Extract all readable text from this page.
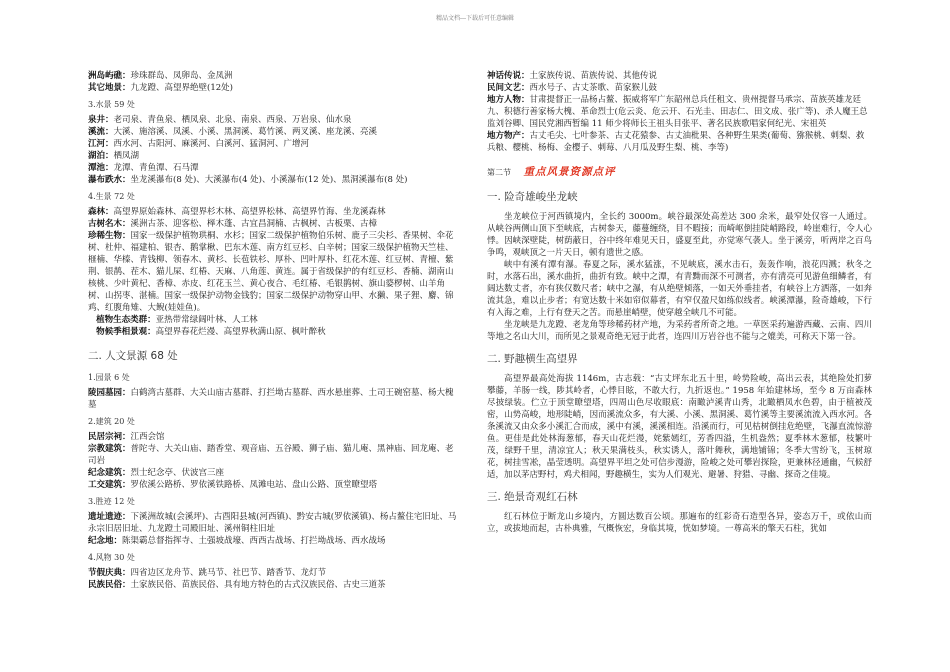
精品文档---下载后可任意编辑

洲岛屿礁：珍珠群岛、凤卵岛、金凤洲

其它地景：九龙蹬、高望界绝壁(12处)

3.水景 59 处

泉井：老司泉、青鱼泉、栖凤泉、北泉、南泉、西泉、万岩泉、仙水泉

溪流：大溪、施溶溪、凤溪、小溪、黑洞溪、葛竹溪、两叉溪、座龙溪、亮溪

江河：西水河、古阳河、麻溪河、白溪河、猛洞河、广增河

湖泊：栖凤湖

潭池：龙潭、青鱼潭、石马潭

瀑布跌水：坐龙溪瀑布(8 处)、大溪瀑布(4 处)、小溪瀑布(12 处)、黑洞溪瀑布(8 处)

4.生景 72 处

森林：高望界原始森林、高望界杉木林、高望界松林、高望界竹海、坐龙溪森林

古树名木：溪洲古茶、迎客松、榉木蓬、古宜昌洞楠、古枫树、古板栗、古樟

珍稀生物：国家一级保护植物珙桐、水杉；国家二级保护植物伯乐树、鹿子三尖杉、香果树、伞花树、杜仲、福建柏、银杏、鹅掌楸、巴东木莲、南方红豆杉、白辛树；国家三级保护植物天竺桂、榧楠、华榛、青钱柳、领春木、黄杉、长苞铁杉、厚朴、凹叶厚朴、红花木莲、红豆树、青檀、紫荆、银鹊、茬木、猫儿屎、红椿、天麻、八角莲、黄连。属于省级保护的有红豆杉、香楠、湖南山核桃、少叶黄杞、香樟、赤皮、红花玉兰、黄心夜合、毛红椿、毛银鹊树、旗山婆椤树、山羊角树、山拐枣、湛楠。国家一级保护动物金钱豹；国家二级保护动物穿山甲、水獭、果子狸、麝、锦鸡、红腹角雉、大鲵(娃娃鱼)。

植物生态类群：亚热带常绿阔叶林、人工林

物候季相景观：高望界春花烂漫、高望界秋满山原、枫叶醉秋

二. 人文景源 68 处
1.园景 6 处

陵园墓园：白鹤湾古墓群、大关山庙古墓群、打拦坳古墓群、西水悬崖葬、土司王碗窑墓、杨大槐墓

2.建筑 20 处

民居宗祠：江西会馆

宗教建筑：普陀寺、大关山庙、踏香堂、观音庙、五谷殿、狮子庙、猫儿庵、黑神庙、回龙庵、老司岩

纪念建筑：烈士纪念亭、伏波宫三座

工交建筑：罗依溪公路桥、罗依溪铁路桥、凤滩电站、盘山公路、顶堂瞭望塔

3.胜迹 12 处

遗址遗迹：下溪洲故城(会溪坪)、古酉阳县城(河西镇)、黔安古城(罗依溪镇)、杨占鳌住宅旧址、马永宗旧居旧址、九龙蹬土司殿旧址、溪州铜柱旧址

纪念地：陈渠霸总督指挥寺、土强坡战壕、西西古战场、打拦坳战场、西水战场

4.风物 30 处

节假庆典：四省边区龙舟节、跳马节、社巴节、踏香节、龙灯节

民族民俗：土家族民俗、苗族民俗、具有地方特色的古式汉族民俗、古史三道茶

神话传说：土家族传说、苗族传说、其他传说

民间文艺：西水号子、古丈茶歌、苗家猴儿鼓

地方人物：甘肃提督正一品杨占鳌、振威将军广东韶州总兵任租文、贵州提督马承宗、苗族英雄龙廷九、积德行善家杨大槐、革命烈士(危云炎、危云开、石光圭、田志仁、田文成、张广等)、杀人魔王总监刘谷卿、国民党湘西暂编 11 师少将师长王祖头目张平、著名民族歌唱家何纪光、宋祖英

地方物产：古丈毛尖、七叶参茶、古丈花猿参、古丈油枇果、各种野生果类(葡萄、猕猴桃、刺梨、救兵粮、樱桃、杨梅、金樱子、刺莓、八月瓜及野生梨、桃、李等)

第二节 重点风景资源点评
一. 险奇雄峻坐龙峡

坐龙峡位于河西镇境内，全长约 3000m。峡谷最深处高差达 300 余米，最窄处仅容一人通过。从峡谷两侧山顶下至峡底，古树参天，藤蔓缠绕，目不暇接；而崎岖倒挂陡峭路段，岭崖难行，令人心悸。因峡深壁陡，树荫蔽日，谷中终年难见天日，盛夏至此，亦觉寒气袭人。坐于溪旁，听两岸之百鸟争鸣，观峡顶之一片天日，顿有遗世之感。

峡中有溪有潭有瀑。春夏之际，溪水猛涨，不见峡底，溪水击石，轰轰作响，浪花四溅；秋冬之时，水落石出，溪水曲折，曲折有致。峡中之潭，有青黝而深不可测者，亦有清亮可见游鱼细鳞者，有阔达数丈者，亦有狭仅数尺者；峡中之瀑，有从绝壁倾落，一如天外垂挂者，有峡谷上方洒落，一如奔流其急，难以止步者；有宽达数十米如帘似幕者，有窄仅盈尺如练似线者。峡溪潭瀑，险奇雄峻，下行有入海之难，上行有登天之苦。而悬崖峭壁，使穿越全峡几不可能。

坐龙峡是九龙蹬、老龙角等珍稀药材产地，为采药者所奇之地。一草医采药遍游西藏、云南、四川等地之名山大川，而所见之景观奇绝无冠于此者，连四川万岩谷也不能与之媲美，可称天下第一谷。

二. 野趣横生高望界

高望界最高处海拔 1146m，古志载：“古丈坪东北五十里，岭势险峻，高出云表，其绝险处扪萝攀藤，羊肠一线，陟其岭者，心悸目眩，不敢大行，九折返也。” 1958 年始建林场，至今 8 万亩森林尽披绿装。伫立于顶堂瞭望塔，四周山色尽收眼底：南瞰泸溪青山秀，北瞰栖凤水色碧，由于植被茂密，山势高峻，地形陡峭，因而溪流众多，有大溪、小溪、黑洞溪、葛竹溪等主要溪流流入西水河。各条溪流又由众多小溪汇合而成，溪中有溪，溪溪相连。沿溪而行，可见枯树倒挂危绝壁，飞瀑直流惊游鱼。更佳是此处林海葱郁，春天山花烂漫，姹紫嫣红，芳香四溢，生机盎然；夏季林木葱郁，枝繁叶茂，绿野千里，清凉宜人；秋天果满枝头，秋实诱人，落叶舞秋，满地铺锦；冬季大雪纷飞，玉树琼花，树挂雪凇，晶莹透明。高望界平坦之处可信步漫游，险峻之处可攀岩探险，更兼林径通幽，气候舒适，加以茅店野村，鸡犬相闻，野趣横生，实为人们观光、避暑、狩猎、寻幽、探奇之佳境。

三. 绝景奇观红石林

红石林位于断龙山乡境内，方圆达数百公顷。那遍布的红彩奇石造型各异，姿态万千，或依山而立，或拔地而起，古朴典雅，气概恢宏，身临其境，恍如梦境。一尊高米的擎天石柱，犹如
